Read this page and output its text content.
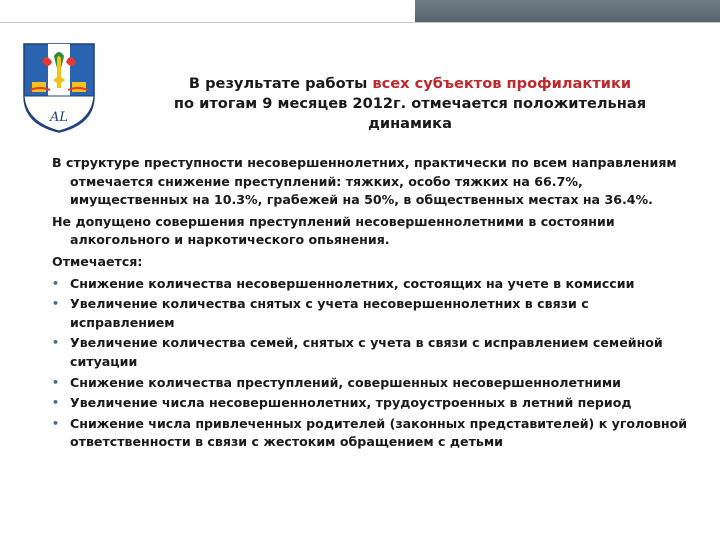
AL
В результате работы всех субъектов профилактики
по итогам 9 месяцев 2012г. отмечается положительная
динамика

В структуре преступности несовершеннолетних, практически по всем направлениям отмечается снижение преступлений: тяжких, особо тяжких на 66.7%, имущественных на 10.3%, грабежей на 50%, в общественных местах на 36.4%.

Не допущено совершения преступлений несовершеннолетними в состоянии алкогольного и наркотического опьянения.

Отмечается:

• Снижение количества несовершеннолетних, состоящих на учете в комиссии
• Увеличение количества снятых с учета несовершеннолетних в связи с исправлением
• Увеличение количества семей, снятых с учета в связи с исправлением семейной ситуации
• Снижение количества преступлений, совершенных несовершеннолетними
• Увеличение числа несовершеннолетних, трудоустроенных в летний период
• Снижение числа привлеченных родителей (законных представителей) к уголовной ответственности в связи с жестоким обращением с детьми
